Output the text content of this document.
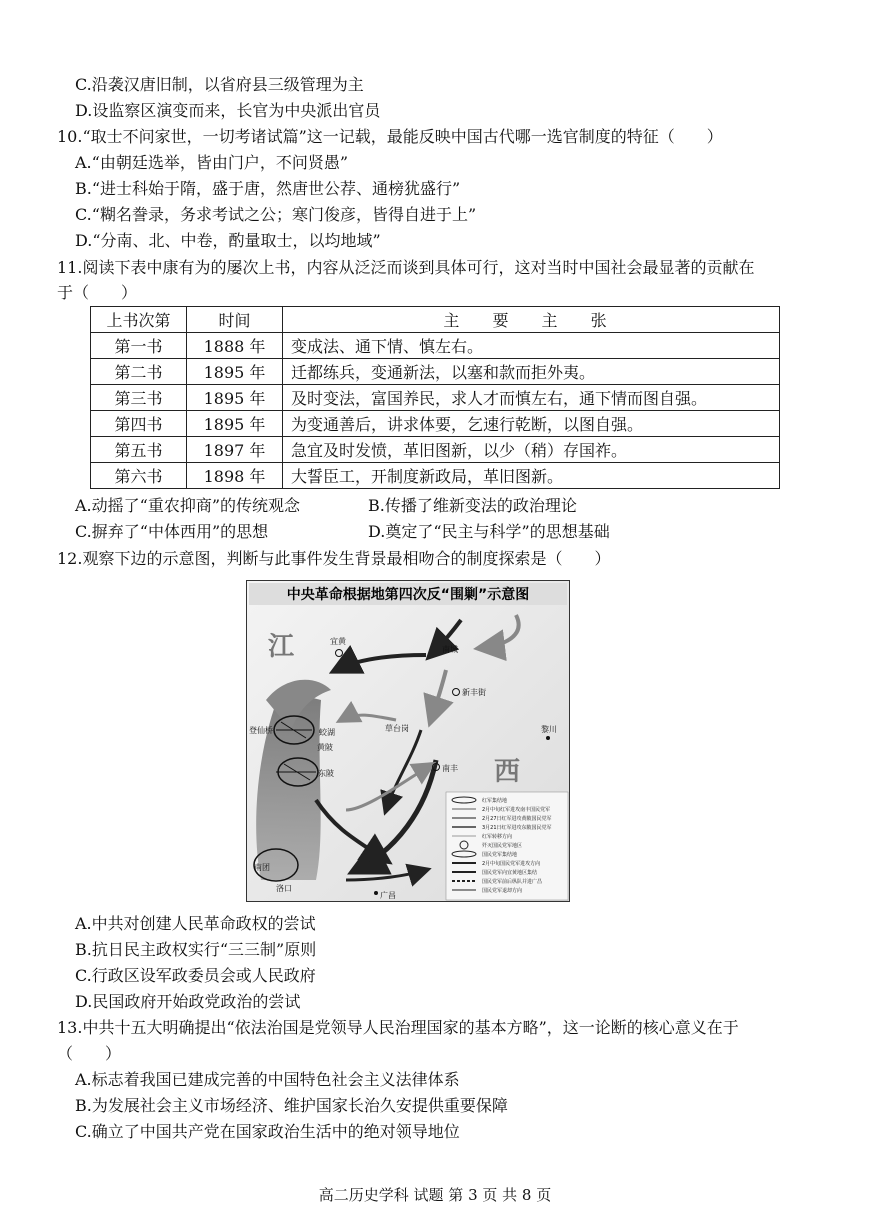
C.沿袭汉唐旧制，以省府县三级管理为主
D.设监察区演变而来，长官为中央派出官员
10.“取士不问家世，一切考诸试篇”这一记载，最能反映中国古代哪一选官制度的特征（　　）
A.“由朝廷选举，皆由门户，不问贤愚”
B.“进士科始于隋，盛于唐，然唐世公荐、通榜犹盛行”
C.“糊名誊录，务求考试之公；寒门俊彦，皆得自进于上”
D.“分南、北、中卷，酌量取士，以均地域”
11.阅读下表中康有为的屡次上书，内容从泛泛而谈到具体可行，这对当时中国社会最显著的贡献在
于（　　）
上书次第	时间	主 要 主 张
第一书	1888 年	变成法、通下情、慎左右。
第二书	1895 年	迁都练兵，变通新法，以塞和款而拒外夷。
第三书	1895 年	及时变法，富国养民，求人才而慎左右，通下情而图自强。
第四书	1895 年	为变通善后，讲求体要，乞速行乾断，以图自强。
第五书	1897 年	急宜及时发愤，革旧图新，以少（稍）存国祚。
第六书	1898 年	大誓臣工，开制度新政局，革旧图新。
A.动摇了“重农抑商”的传统观念	B.传播了维新变法的政治理论
C.摒弃了“中体西用”的思想	D.奠定了“民主与科学”的思想基础
12.观察下边的示意图，判断与此事件发生背景最相吻合的制度探索是（　　）
中央革命根据地第四次反“围剿”示意图
江
西
宜黄
南城
新丰街
黎川
登仙桥
黄陂
蛟湖
东陂
草台岗
南丰
南团
洛口
广昌
红军集结地
2月中旬红军进攻南丰国民党军
2月27日红军进攻黄陂国民党军
3月21日红军进攻东陂国民党军
红军转移方向
歼灭国民党军地区
国民党军集结地
2月中旬国民党军进攻方向
国民党军向宜黄地区集结
国民党军前后纵队并进广昌
国民党军退却方向
A.中共对创建人民革命政权的尝试
B.抗日民主政权实行“三三制”原则
C.行政区设军政委员会或人民政府
D.民国政府开始政党政治的尝试
13.中共十五大明确提出“依法治国是党领导人民治理国家的基本方略”，这一论断的核心意义在于
（　　）
A.标志着我国已建成完善的中国特色社会主义法律体系
B.为发展社会主义市场经济、维护国家长治久安提供重要保障
C.确立了中国共产党在国家政治生活中的绝对领导地位
高二历史学科 试题 第 3 页 共 8 页
